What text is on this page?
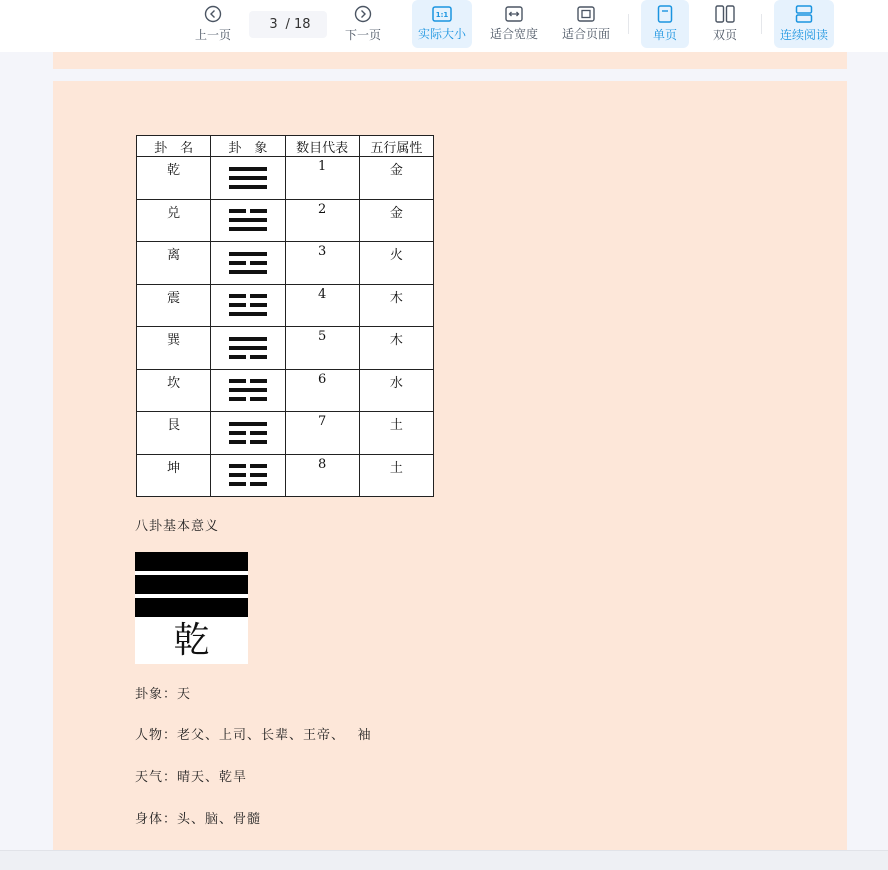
上一页
3 / 18
下一页
1:1
实际大小 适合宽度 适合页面	单页	双页	连续阅读
卦　名	卦　象	数目代表	五行属性
乾		1	金
兑		2	金
离		3	火
震		4	木
巽		5	木
坎		6	水
艮		7	土
坤		8	土
八卦基本意义
乾
卦象：天
人物：老父、上司、长辈、王帝、　 袖
天气：晴天、乾旱
身体：头、脑、骨髓
